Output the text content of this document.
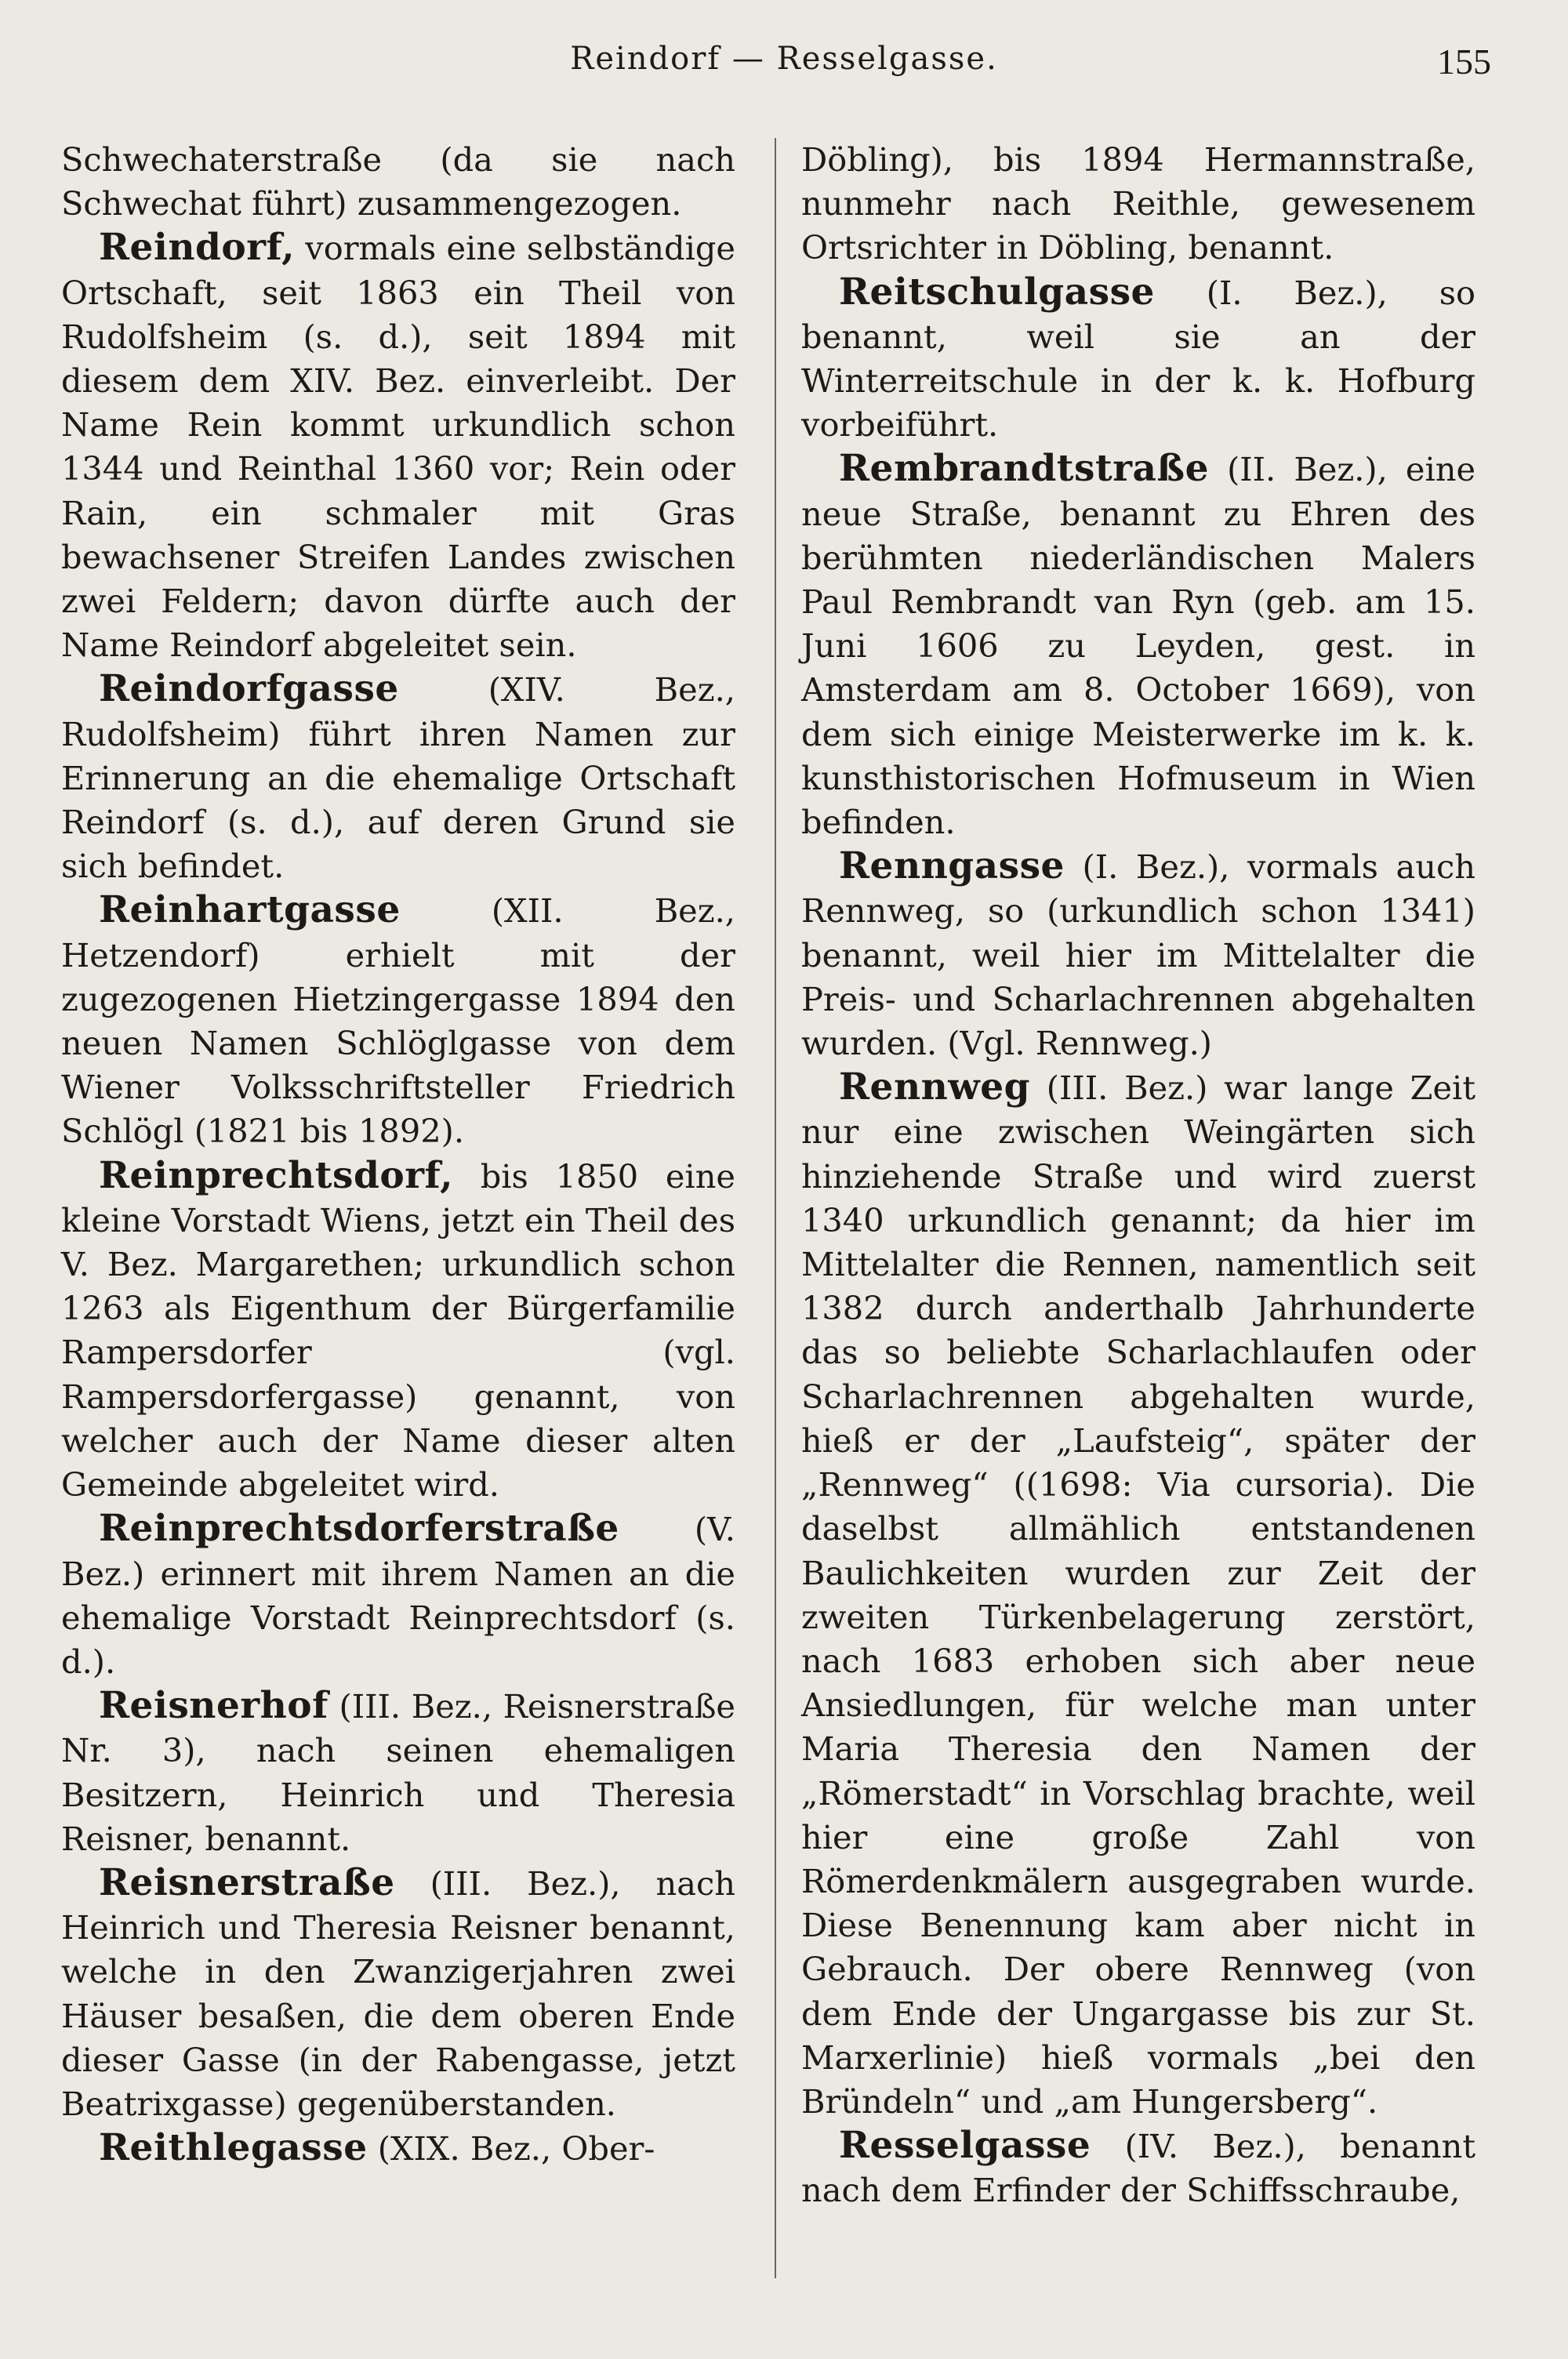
Reindorf — Resselgasse.	155

Schwechaterstraße (da sie nach Schwechat führt) zusammengezogen.

Reindorf, vormals eine selbständige Ortschaft, seit 1863 ein Theil von Rudolfsheim (s. d.), seit 1894 mit diesem dem XIV. Bez. einverleibt. Der Name Rein kommt urkundlich schon 1344 und Reinthal 1360 vor; Rein oder Rain, ein schmaler mit Gras bewachsener Streifen Landes zwischen zwei Feldern; davon dürfte auch der Name Reindorf abgeleitet sein.

Reindorfgasse (XIV. Bez., Rudolfsheim) führt ihren Namen zur Erinnerung an die ehemalige Ortschaft Reindorf (s. d.), auf deren Grund sie sich befindet.

Reinhartgasse (XII. Bez., Hetzendorf) erhielt mit der zugezogenen Hietzingergasse 1894 den neuen Namen Schlöglgasse von dem Wiener Volksschriftsteller Friedrich Schlögl (1821 bis 1892).

Reinprechtsdorf, bis 1850 eine kleine Vorstadt Wiens, jetzt ein Theil des V. Bez. Margarethen; urkundlich schon 1263 als Eigenthum der Bürgerfamilie Rampersdorfer (vgl. Rampersdorfergasse) genannt, von welcher auch der Name dieser alten Gemeinde abgeleitet wird.

Reinprechtsdorferstraße (V. Bez.) erinnert mit ihrem Namen an die ehemalige Vorstadt Reinprechtsdorf (s. d.).

Reisnerhof (III. Bez., Reisnerstraße Nr. 3), nach seinen ehemaligen Besitzern, Heinrich und Theresia Reisner, benannt.

Reisnerstraße (III. Bez.), nach Heinrich und Theresia Reisner benannt, welche in den Zwanzigerjahren zwei Häuser besaßen, die dem oberen Ende dieser Gasse (in der Rabengasse, jetzt Beatrixgasse) gegenüberstanden.

Reithlegasse (XIX. Bez., Ober-

Döbling), bis 1894 Hermannstraße, nunmehr nach Reithle, gewesenem Ortsrichter in Döbling, benannt.

Reitschulgasse (I. Bez.), so benannt, weil sie an der Winterreitschule in der k. k. Hofburg vorbeiführt.

Rembrandtstraße (II. Bez.), eine neue Straße, benannt zu Ehren des berühmten niederländischen Malers Paul Rembrandt van Ryn (geb. am 15. Juni 1606 zu Leyden, gest. in Amsterdam am 8. October 1669), von dem sich einige Meisterwerke im k. k. kunsthistorischen Hofmuseum in Wien befinden.

Renngasse (I. Bez.), vormals auch Rennweg, so (urkundlich schon 1341) benannt, weil hier im Mittelalter die Preis- und Scharlachrennen abgehalten wurden. (Vgl. Rennweg.)

Rennweg (III. Bez.) war lange Zeit nur eine zwischen Weingärten sich hinziehende Straße und wird zuerst 1340 urkundlich genannt; da hier im Mittelalter die Rennen, namentlich seit 1382 durch anderthalb Jahrhunderte das so beliebte Scharlachlaufen oder Scharlachrennen abgehalten wurde, hieß er der „Laufsteig“, später der „Rennweg“ ((1698: Via cursoria). Die daselbst allmählich entstandenen Baulichkeiten wurden zur Zeit der zweiten Türkenbelagerung zerstört, nach 1683 erhoben sich aber neue Ansiedlungen, für welche man unter Maria Theresia den Namen der „Römerstadt“ in Vorschlag brachte, weil hier eine große Zahl von Römerdenkmälern ausgegraben wurde. Diese Benennung kam aber nicht in Gebrauch. Der obere Rennweg (von dem Ende der Ungargasse bis zur St. Marxerlinie) hieß vormals „bei den Bründeln“ und „am Hungersberg“.

Resselgasse (IV. Bez.), benannt nach dem Erfinder der Schiffsschraube,
